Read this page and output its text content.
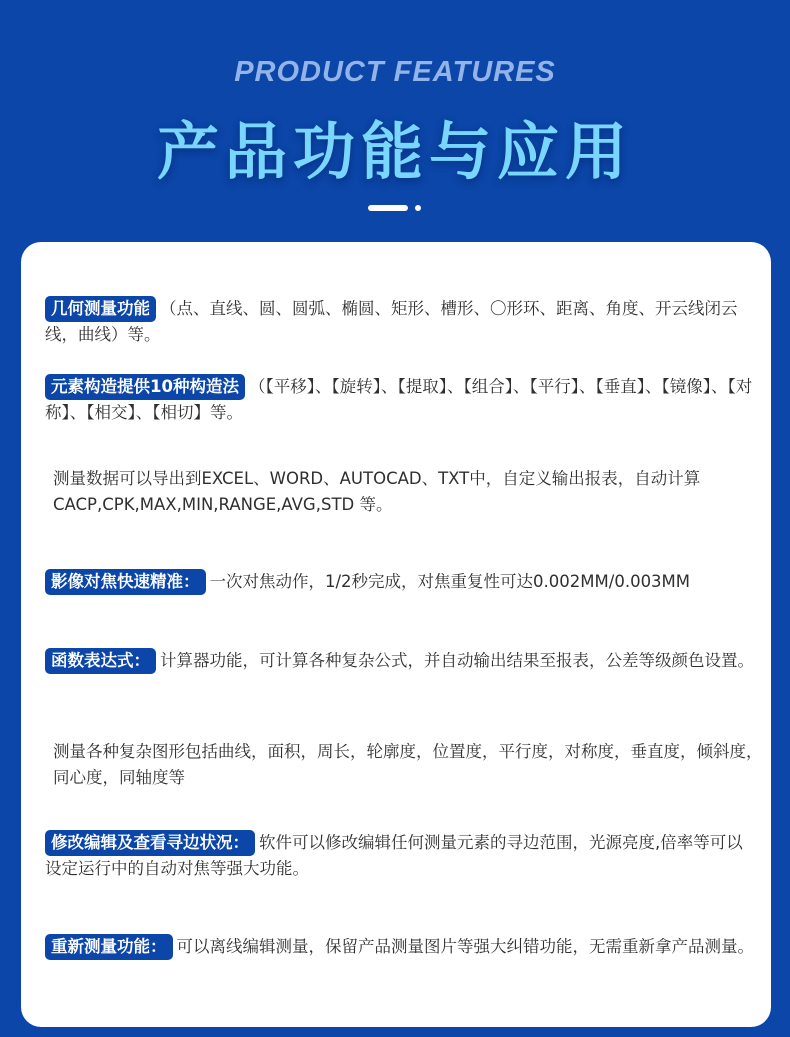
PRODUCT FEATURES
产品功能与应用
几何测量功能 （点、直线、圆、圆弧、椭圆、矩形、槽形、〇形环、距离、角度、开云线闭云线，曲线）等。
元素构造提供10种构造法 （【平移】、【旋转】、【提取】、【组合】、【平行】、【垂直】、【镜像】、【对称】、【相交】、【相切】等。
测量数据可以导出到EXCEL、WORD、AUTOCAD、TXT中，自定义输出报表，自动计算 CACP,CPK,MAX,MIN,RANGE,AVG,STD 等。
影像对焦快速精准： 一次对焦动作，1/2秒完成，对焦重复性可达0.002MM/0.003MM
函数表达式： 计算器功能，可计算各种复杂公式，并自动输出结果至报表，公差等级颜色设置。
测量各种复杂图形包括曲线，面积，周长，轮廓度，位置度，平行度，对称度，垂直度，倾斜度，同心度，同轴度等
修改编辑及查看寻边状况： 软件可以修改编辑任何测量元素的寻边范围，光源亮度,倍率等可以设定运行中的自动对焦等强大功能。
重新测量功能： 可以离线编辑测量，保留产品测量图片等强大纠错功能，无需重新拿产品测量。
